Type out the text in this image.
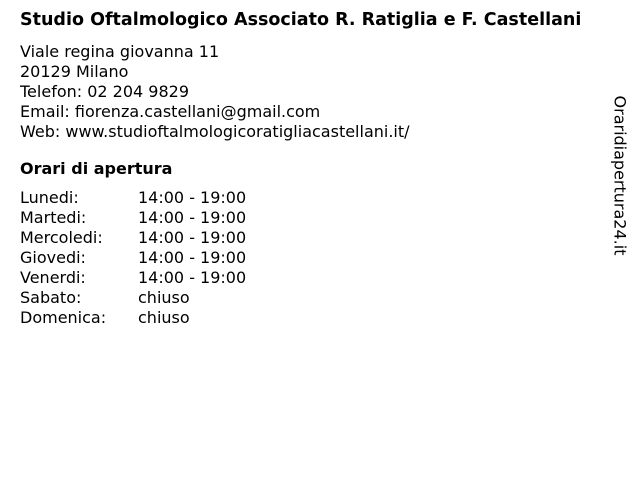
Studio Oftalmologico Associato R. Ratiglia e F. Castellani
Viale regina giovanna 11
20129 Milano
Telefon: 02 204 9829
Email: fiorenza.castellani@gmail.com
Web: www.studioftalmologicoratigliacastellani.it/
Orari di apertura
Lunedi:	14:00 - 19:00
Martedi:	14:00 - 19:00
Mercoledi:	14:00 - 19:00
Giovedi:	14:00 - 19:00
Venerdi:	14:00 - 19:00
Sabato:	chiuso
Domenica:	chiuso
Oraridiapertura24.it
